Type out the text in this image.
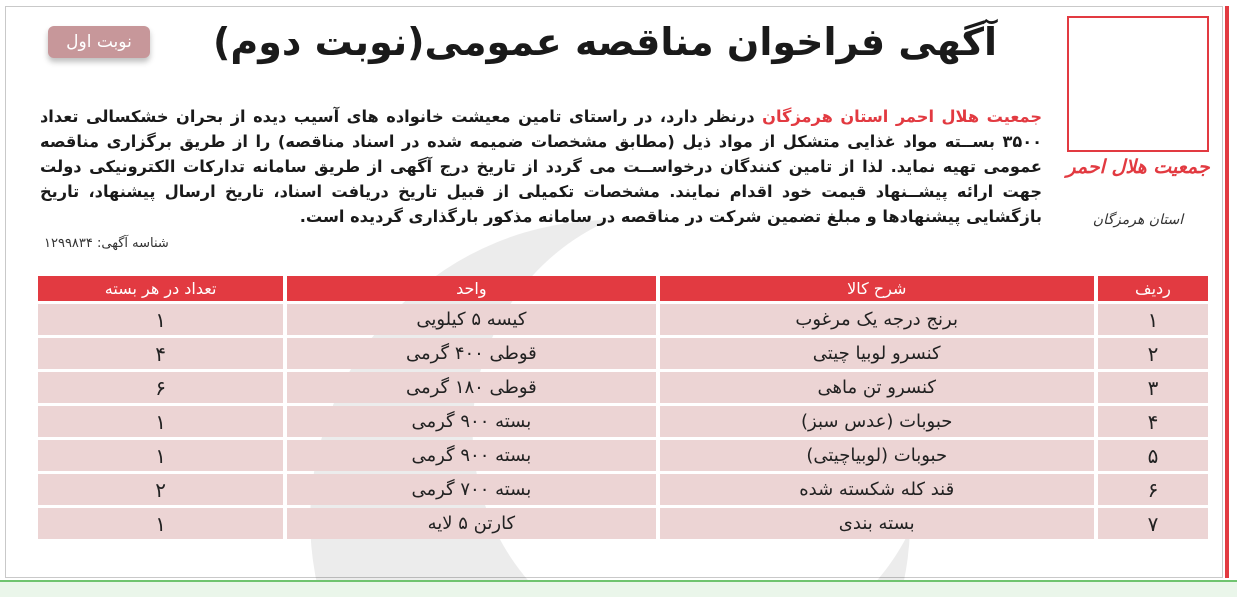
نوبت اول	آگهی فراخوان مناقصه عمومی(نوبت دوم)
جمعیت هلال احمر
استان هرمزگان
جمعیت هلال احمر استان هرمزگان درنظر دارد، در راستای تامین معیشت خانواده های آسیب دیده از بحران خشکسالی تعداد ۳۵۰۰ بســته مواد غذایی متشکل از مواد ذیل (مطابق مشخصات ضمیمه شده در اسناد مناقصه) را از طریق برگزاری مناقصه عمومی تهیه نماید. لذا از تامین کنندگان درخواســت می گردد از تاریخ درج آگهی از طریق سامانه تدارکات الکترونیکی دولت جهت ارائه پیشــنهاد قیمت خود اقدام نمایند. مشخصات تکمیلی از قبیل تاریخ دریافت اسناد، تاریخ ارسال پیشنهاد، تاریخ بازگشایی پیشنهادها و مبلغ تضمین شرکت در مناقصه در سامانه مذکور بارگذاری گردیده است.
شناسه آگهی: ۱۲۹۹۸۳۴
ردیف	شرح کالا	واحد	تعداد در هر بسته
۱	برنج درجه یک مرغوب	کیسه ۵ کیلویی	۱
۲	کنسرو لوبیا چیتی	قوطی ۴۰۰ گرمی	۴
۳	کنسرو تن ماهی	قوطی ۱۸۰ گرمی	۶
۴	حبوبات (عدس سبز)	بسته ۹۰۰ گرمی	۱
۵	حبوبات (لوبیاچیتی)	بسته ۹۰۰ گرمی	۱
۶	قند کله شکسته شده	بسته ۷۰۰ گرمی	۲
۷	بسته بندی	کارتن ۵ لایه	۱
